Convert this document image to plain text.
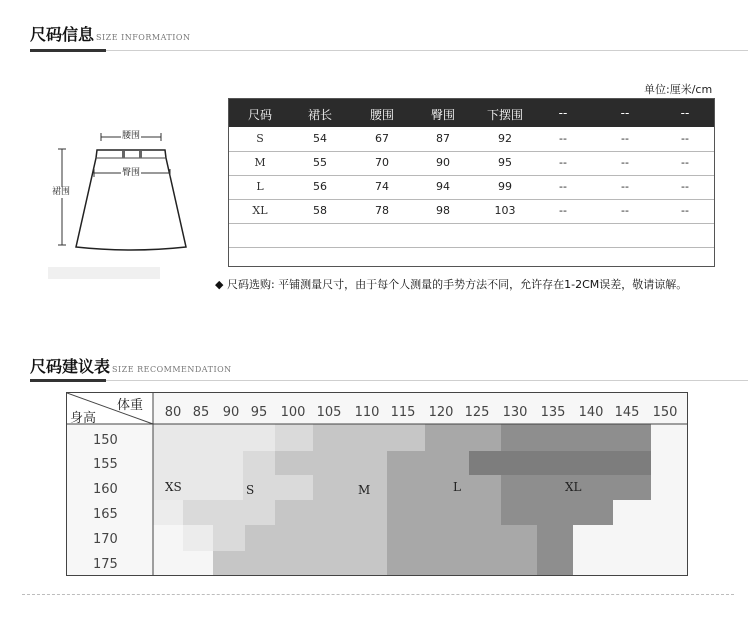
尺码信息 SIZE INFORMATION
单位:厘米/cm
腰围
臀围
裙围
尺码	裙长	腰围	臀围	下摆围	--	--	--
S	54	67	87	92	--	--	--
M	55	70	90	95	--	--	--
L	56	74	94	99	--	--	--
XL	58	78	98	103	--	--	--
◆ 尺码选购: 平铺测量尺寸，由于每个人测量的手势方法不同，允许存在1-2CM误差，敬请谅解。
尺码建议表 SIZE RECOMMENDATION
体重
身高	80 85 90 95 100 105 110 115 120 125 130 135 140 145 150
150
155
160
165
170
175
XS	S	M	L	XL
